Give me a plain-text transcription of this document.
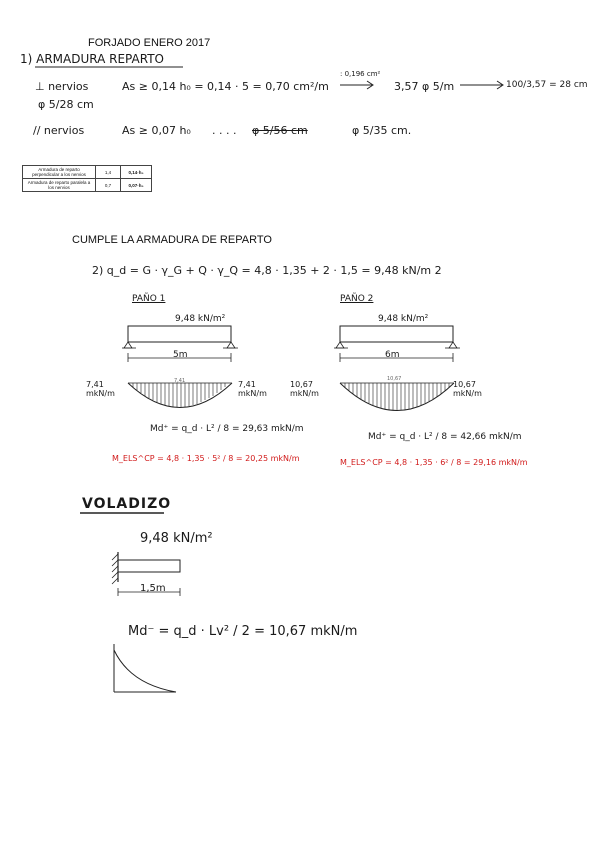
FORJADO ENERO 2017
1) ARMADURA REPARTO
⊥ nervios	As ≥ 0,14 h₀ = 0,14 · 5 = 0,70 cm²/m
: 0,196 cm²
3,57 φ 5/m	100/3,57 = 28 cm
φ 5/28 cm
// nervios	As ≥ 0,07 h₀ . . . . φ 5/56 cm	φ 5/35 cm.
Armadura de reparto perpendicular a los nervios	1,4	0,14·h₀
Armadura de reparto paralela a los nervios	0,7	0,07·h₀
CUMPLE LA ARMADURA DE REPARTO
2) q_d = G · γ_G + Q · γ_Q = 4,8 · 1,35 + 2 · 1,5 = 9,48 kN/m 2
PAÑO 1
9,48 kN/m²
5m
7,41 mkN/m
7,41 mkN/m
7,41
Md⁺ = q_d · L² / 8 = 29,63 mkN/m
M_ELS^CP = 4,8 · 1,35 · 5² / 8 = 20,25 mkN/m
PAÑO 2
9,48 kN/m²
6m
10,67 mkN/m
10,67 mkN/m
10,67
Md⁺ = q_d · L² / 8 = 42,66 mkN/m
M_ELS^CP = 4,8 · 1,35 · 6² / 8 = 29,16 mkN/m
VOLADIZO
9,48 kN/m²
1,5m
Md⁻ = q_d · Lv² / 2 = 10,67 mkN/m
